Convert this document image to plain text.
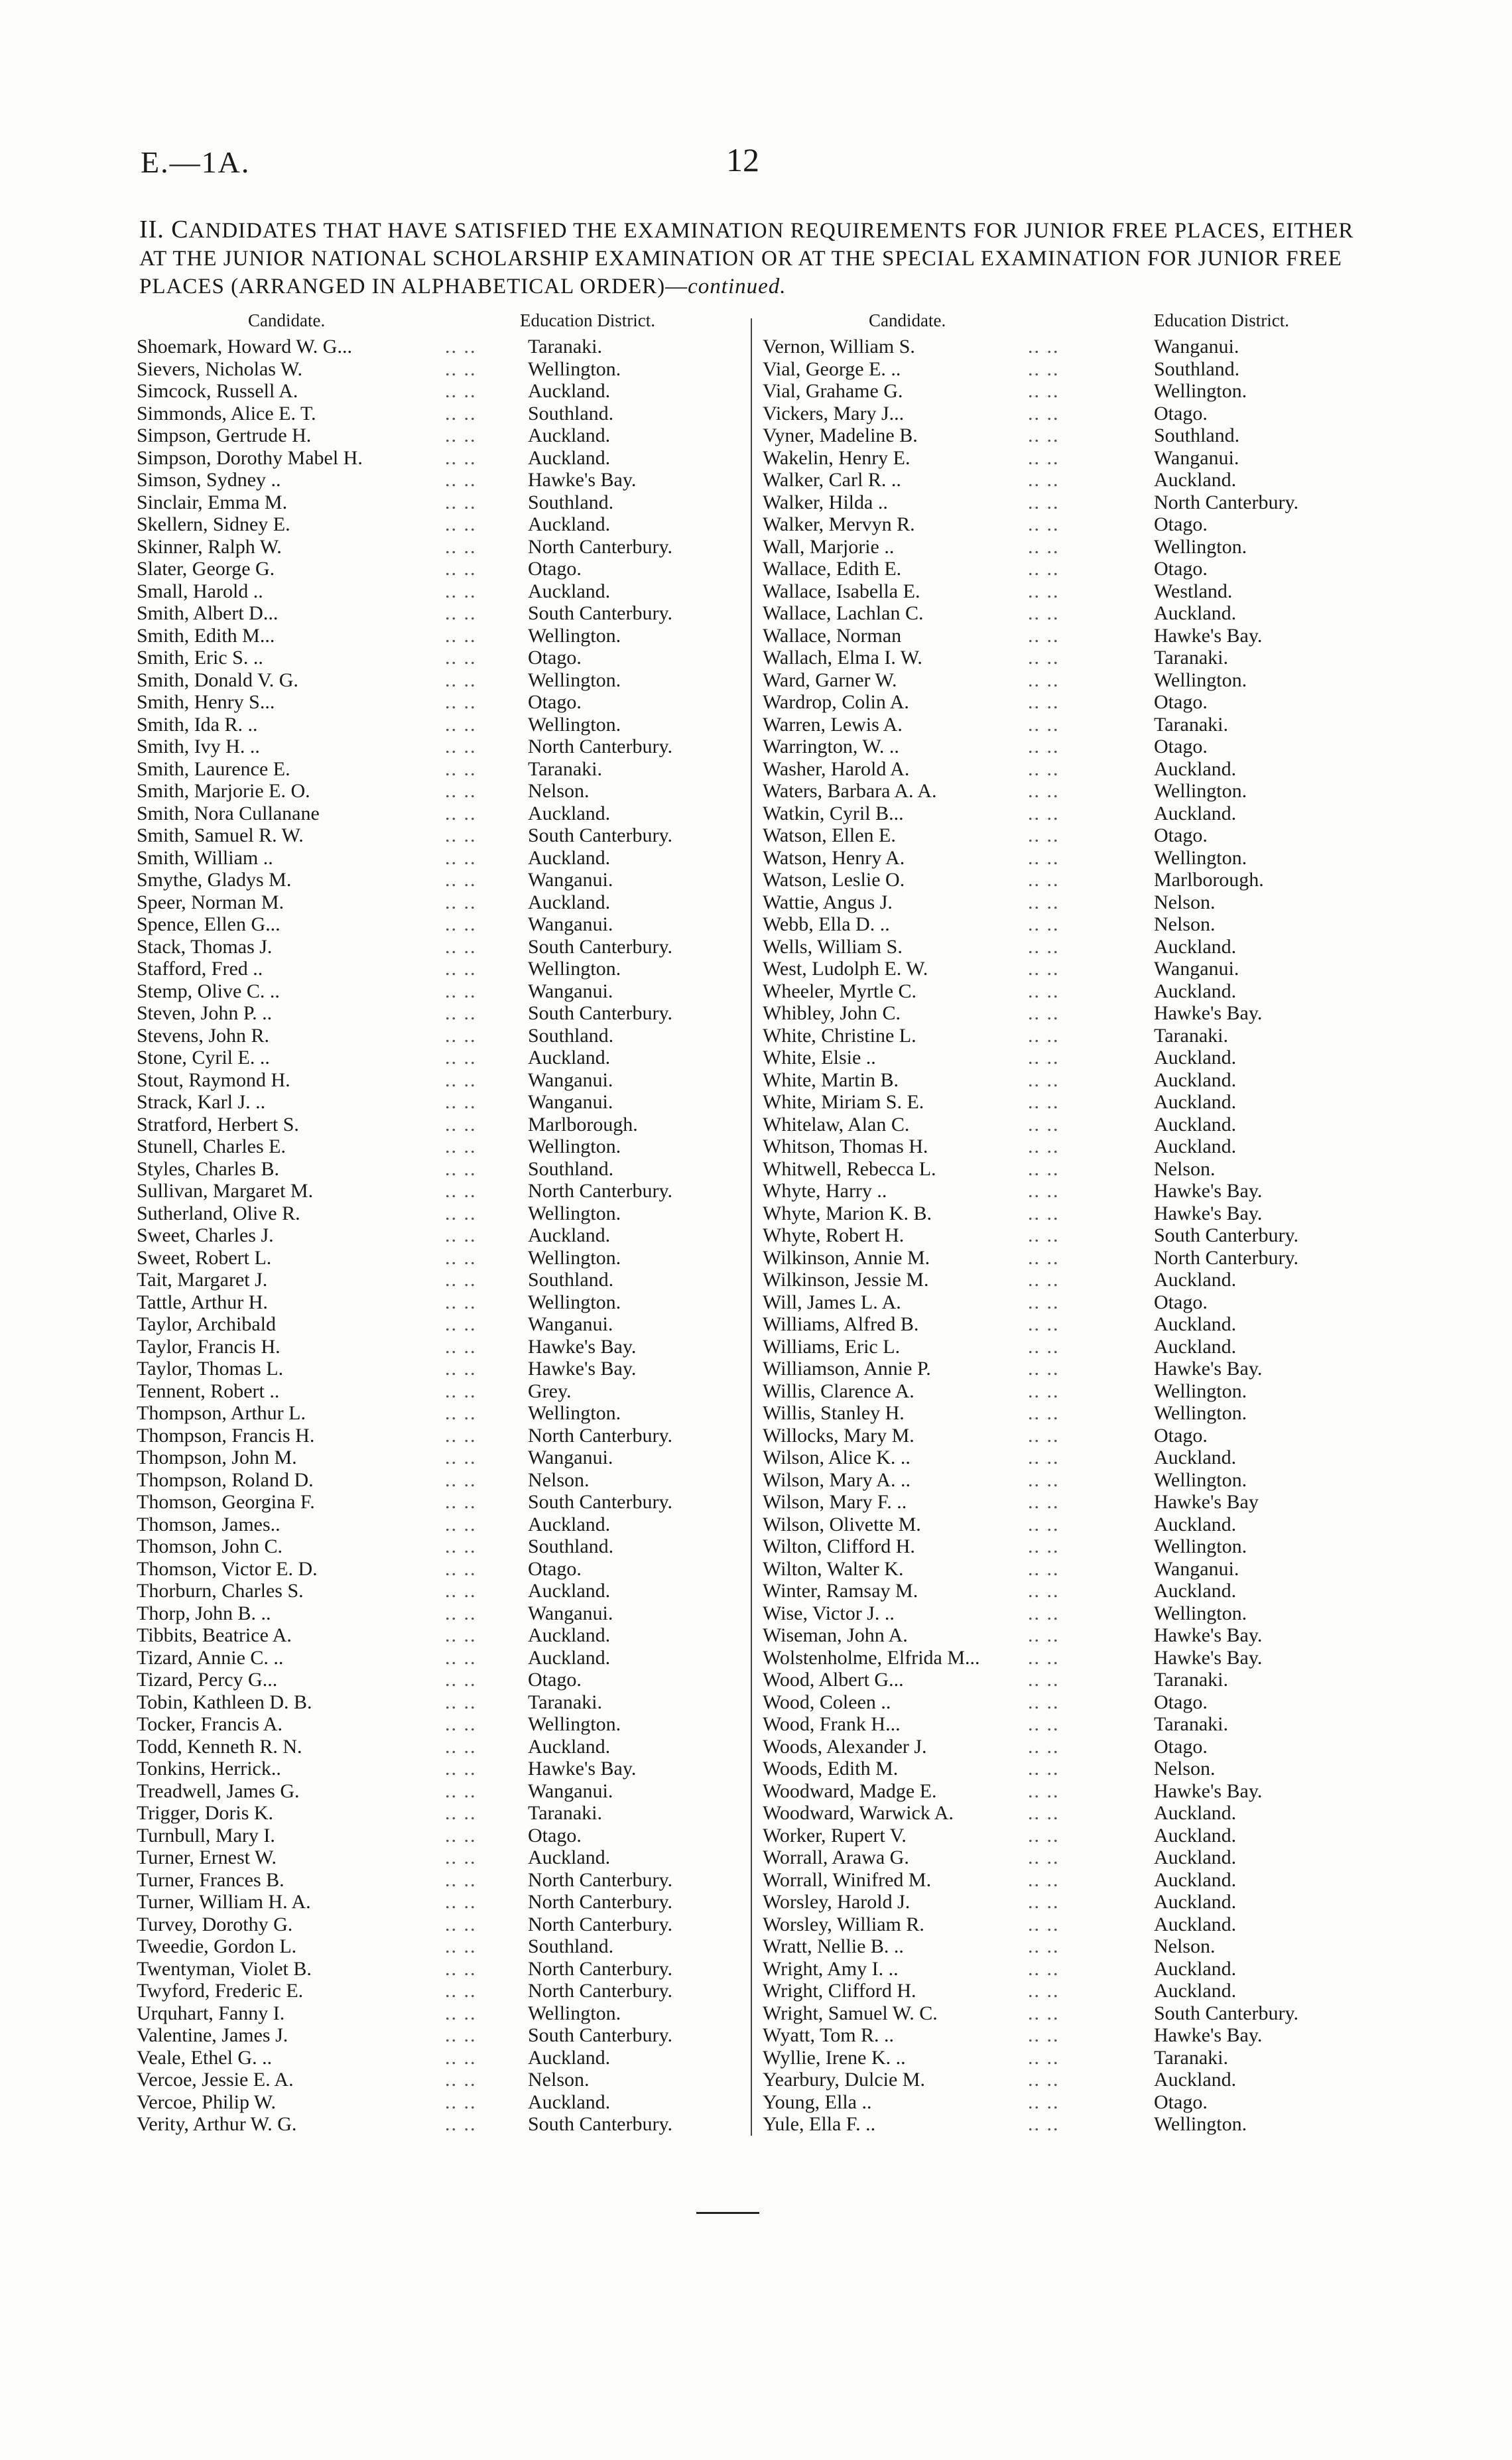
E.—1A.	12
II. CANDIDATES THAT HAVE SATISFIED THE EXAMINATION REQUIREMENTS FOR JUNIOR FREE PLACES, EITHER AT THE JUNIOR NATIONAL SCHOLARSHIP EXAMINATION OR AT THE SPECIAL EXAMINATION FOR JUNIOR FREE PLACES (ARRANGED IN ALPHABETICAL ORDER)—continued.
Candidate.	Education District.
Shoemark, Howard W. G...	.. ..	Taranaki.
Sievers, Nicholas W.	.. ..	Wellington.
Simcock, Russell A.	.. ..	Auckland.
Simmonds, Alice E. T.	.. ..	Southland.
Simpson, Gertrude H.	.. ..	Auckland.
Simpson, Dorothy Mabel H.	.. ..	Auckland.
Simson, Sydney ..	.. ..	Hawke's Bay.
Sinclair, Emma M.	.. ..	Southland.
Skellern, Sidney E.	.. ..	Auckland.
Skinner, Ralph W.	.. ..	North Canterbury.
Slater, George G.	.. ..	Otago.
Small, Harold ..	.. ..	Auckland.
Smith, Albert D...	.. ..	South Canterbury.
Smith, Edith M...	.. ..	Wellington.
Smith, Eric S. ..	.. ..	Otago.
Smith, Donald V. G.	.. ..	Wellington.
Smith, Henry S...	.. ..	Otago.
Smith, Ida R. ..	.. ..	Wellington.
Smith, Ivy H. ..	.. ..	North Canterbury.
Smith, Laurence E.	.. ..	Taranaki.
Smith, Marjorie E. O.	.. ..	Nelson.
Smith, Nora Cullanane	.. ..	Auckland.
Smith, Samuel R. W.	.. ..	South Canterbury.
Smith, William ..	.. ..	Auckland.
Smythe, Gladys M.	.. ..	Wanganui.
Speer, Norman M.	.. ..	Auckland.
Spence, Ellen G...	.. ..	Wanganui.
Stack, Thomas J.	.. ..	South Canterbury.
Stafford, Fred ..	.. ..	Wellington.
Stemp, Olive C. ..	.. ..	Wanganui.
Steven, John P. ..	.. ..	South Canterbury.
Stevens, John R.	.. ..	Southland.
Stone, Cyril E. ..	.. ..	Auckland.
Stout, Raymond H.	.. ..	Wanganui.
Strack, Karl J. ..	.. ..	Wanganui.
Stratford, Herbert S.	.. ..	Marlborough.
Stunell, Charles E.	.. ..	Wellington.
Styles, Charles B.	.. ..	Southland.
Sullivan, Margaret M.	.. ..	North Canterbury.
Sutherland, Olive R.	.. ..	Wellington.
Sweet, Charles J.	.. ..	Auckland.
Sweet, Robert L.	.. ..	Wellington.
Tait, Margaret J.	.. ..	Southland.
Tattle, Arthur H.	.. ..	Wellington.
Taylor, Archibald	.. ..	Wanganui.
Taylor, Francis H.	.. ..	Hawke's Bay.
Taylor, Thomas L.	.. ..	Hawke's Bay.
Tennent, Robert ..	.. ..	Grey.
Thompson, Arthur L.	.. ..	Wellington.
Thompson, Francis H.	.. ..	North Canterbury.
Thompson, John M.	.. ..	Wanganui.
Thompson, Roland D.	.. ..	Nelson.
Thomson, Georgina F.	.. ..	South Canterbury.
Thomson, James..	.. ..	Auckland.
Thomson, John C.	.. ..	Southland.
Thomson, Victor E. D.	.. ..	Otago.
Thorburn, Charles S.	.. ..	Auckland.
Thorp, John B. ..	.. ..	Wanganui.
Tibbits, Beatrice A.	.. ..	Auckland.
Tizard, Annie C. ..	.. ..	Auckland.
Tizard, Percy G...	.. ..	Otago.
Tobin, Kathleen D. B.	.. ..	Taranaki.
Tocker, Francis A.	.. ..	Wellington.
Todd, Kenneth R. N.	.. ..	Auckland.
Tonkins, Herrick..	.. ..	Hawke's Bay.
Treadwell, James G.	.. ..	Wanganui.
Trigger, Doris K.	.. ..	Taranaki.
Turnbull, Mary I.	.. ..	Otago.
Turner, Ernest W.	.. ..	Auckland.
Turner, Frances B.	.. ..	North Canterbury.
Turner, William H. A.	.. ..	North Canterbury.
Turvey, Dorothy G.	.. ..	North Canterbury.
Tweedie, Gordon L.	.. ..	Southland.
Twentyman, Violet B.	.. ..	North Canterbury.
Twyford, Frederic E.	.. ..	North Canterbury.
Urquhart, Fanny I.	.. ..	Wellington.
Valentine, James J.	.. ..	South Canterbury.
Veale, Ethel G. ..	.. ..	Auckland.
Vercoe, Jessie E. A.	.. ..	Nelson.
Vercoe, Philip W.	.. ..	Auckland.
Verity, Arthur W. G.	.. ..	South Canterbury.
Candidate.	Education District.
Vernon, William S.	.. ..	Wanganui.
Vial, George E. ..	.. ..	Southland.
Vial, Grahame G.	.. ..	Wellington.
Vickers, Mary J...	.. ..	Otago.
Vyner, Madeline B.	.. ..	Southland.
Wakelin, Henry E.	.. ..	Wanganui.
Walker, Carl R. ..	.. ..	Auckland.
Walker, Hilda ..	.. ..	North Canterbury.
Walker, Mervyn R.	.. ..	Otago.
Wall, Marjorie ..	.. ..	Wellington.
Wallace, Edith E.	.. ..	Otago.
Wallace, Isabella E.	.. ..	Westland.
Wallace, Lachlan C.	.. ..	Auckland.
Wallace, Norman	.. ..	Hawke's Bay.
Wallach, Elma I. W.	.. ..	Taranaki.
Ward, Garner W.	.. ..	Wellington.
Wardrop, Colin A.	.. ..	Otago.
Warren, Lewis A.	.. ..	Taranaki.
Warrington, W. ..	.. ..	Otago.
Washer, Harold A.	.. ..	Auckland.
Waters, Barbara A. A.	.. ..	Wellington.
Watkin, Cyril B...	.. ..	Auckland.
Watson, Ellen E.	.. ..	Otago.
Watson, Henry A.	.. ..	Wellington.
Watson, Leslie O.	.. ..	Marlborough.
Wattie, Angus J.	.. ..	Nelson.
Webb, Ella D. ..	.. ..	Nelson.
Wells, William S.	.. ..	Auckland.
West, Ludolph E. W.	.. ..	Wanganui.
Wheeler, Myrtle C.	.. ..	Auckland.
Whibley, John C.	.. ..	Hawke's Bay.
White, Christine L.	.. ..	Taranaki.
White, Elsie ..	.. ..	Auckland.
White, Martin B.	.. ..	Auckland.
White, Miriam S. E.	.. ..	Auckland.
Whitelaw, Alan C.	.. ..	Auckland.
Whitson, Thomas H.	.. ..	Auckland.
Whitwell, Rebecca L.	.. ..	Nelson.
Whyte, Harry ..	.. ..	Hawke's Bay.
Whyte, Marion K. B.	.. ..	Hawke's Bay.
Whyte, Robert H.	.. ..	South Canterbury.
Wilkinson, Annie M.	.. ..	North Canterbury.
Wilkinson, Jessie M.	.. ..	Auckland.
Will, James L. A.	.. ..	Otago.
Williams, Alfred B.	.. ..	Auckland.
Williams, Eric L.	.. ..	Auckland.
Williamson, Annie P.	.. ..	Hawke's Bay.
Willis, Clarence A.	.. ..	Wellington.
Willis, Stanley H.	.. ..	Wellington.
Willocks, Mary M.	.. ..	Otago.
Wilson, Alice K. ..	.. ..	Auckland.
Wilson, Mary A. ..	.. ..	Wellington.
Wilson, Mary F. ..	.. ..	Hawke's Bay
Wilson, Olivette M.	.. ..	Auckland.
Wilton, Clifford H.	.. ..	Wellington.
Wilton, Walter K.	.. ..	Wanganui.
Winter, Ramsay M.	.. ..	Auckland.
Wise, Victor J. ..	.. ..	Wellington.
Wiseman, John A.	.. ..	Hawke's Bay.
Wolstenholme, Elfrida M... .. ..	Hawke's Bay.
Wood, Albert G...	.. ..	Taranaki.
Wood, Coleen ..	.. ..	Otago.
Wood, Frank H...	.. ..	Taranaki.
Woods, Alexander J.	.. ..	Otago.
Woods, Edith M.	.. ..	Nelson.
Woodward, Madge E.	.. ..	Hawke's Bay.
Woodward, Warwick A.	.. ..	Auckland.
Worker, Rupert V.	.. ..	Auckland.
Worrall, Arawa G.	.. ..	Auckland.
Worrall, Winifred M.	.. ..	Auckland.
Worsley, Harold J.	.. ..	Auckland.
Worsley, William R.	.. ..	Auckland.
Wratt, Nellie B. ..	.. ..	Nelson.
Wright, Amy I. ..	.. ..	Auckland.
Wright, Clifford H.	.. ..	Auckland.
Wright, Samuel W. C.	.. ..	South Canterbury.
Wyatt, Tom R. ..	.. ..	Hawke's Bay.
Wyllie, Irene K. ..	.. ..	Taranaki.
Yearbury, Dulcie M.	.. ..	Auckland.
Young, Ella ..	.. ..	Otago.
Yule, Ella F. ..	.. ..	Wellington.
